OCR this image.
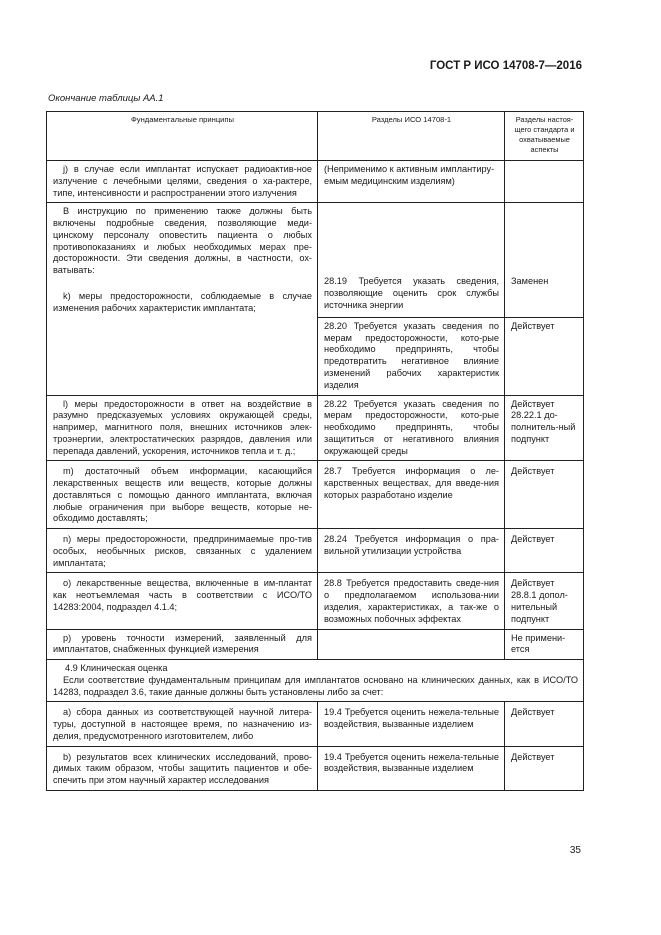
ГОСТ Р ИСО 14708-7—2016
Окончание таблицы АА.1
Фундаментальные принципы	Разделы ИСО 14708-1	Разделы настоя-щего стандарта и охватываемые аспекты
j) в случае если имплантат испускает радиоактив-ное излучение с лечебными целями, сведения о ха-рактере, типе, интенсивности и распространении этого излучения	(Неприменимо к активным имплантиру-емым медицинским изделиям)	

В инструкцию по применению также должны быть включены подробные сведения, позволяющие меди-цинскому персоналу оповестить пациента о любых противопоказаниях и любых необходимых мерах пре-досторожности. Эти сведения должны, в частности, ох-ватывать:

k) меры предосторожности, соблюдаемые в случае изменения рабочих характеристик имплантата;	28.19 Требуется указать сведения, позволяющие оценить срок службы источника энергии	Заменен

	28.20 Требуется указать сведения по мерам предосторожности, кото-рые необходимо предпринять, чтобы предотвратить негативное влияние изменений рабочих характеристик изделия	Действует
l) меры предосторожности в ответ на воздействие в разумно предсказуемых условиях окружающей среды, например, магнитного поля, внешних источников элек-троэнергии, электростатических разрядов, давления или перепада давлений, ускорения, источников тепла и т. д.;	28.22 Требуется указать сведения по мерам предосторожности, кото-рые необходимо предпринять, чтобы защититься от негативного влияния окружающей среды	Действует 28.22.1 до-полнитель-ный подпункт
m) достаточный объем информации, касающийся лекарственных веществ или веществ, которые должны доставляться с помощью данного имплантата, включая любые ограничения при выборе веществ, которые не-обходимо доставлять;	28.7 Требуется информация о ле-карственных веществах, для введе-ния которых разработано изделие	Действует
n) меры предосторожности, предпринимаемые про-тив особых, необычных рисков, связанных с удалением имплантата;	28.24 Требуется информация о пра-вильной утилизации устройства	Действует
o) лекарственные вещества, включенные в им-плантат как неотъемлемая часть в соответствии с ИСО/ТО 14283:2004, подраздел 4.1.4;	28.8 Требуется предоставить сведе-ния о предполагаемом использова-нии изделия, характеристиках, а так-же о возможных побочных эффектах	Действует 28.8.1 допол-нительный подпункт
p) уровень точности измерений, заявленный для имплантатов, снабженных функцией измерения		Не примени-ется

4.9 Клиническая оценка
Если соответствие фундаментальным принципам для имплантатов основано на клинических данных, как в ИСО/ТО 14283, подраздел 3.6, такие данные должны быть установлены либо за счет:		

a) сбора данных из соответствующей научной литера-туры, доступной в настоящее время, по назначению из-делия, предусмотренного изготовителем, либо	19.4 Требуется оценить нежела-тельные воздействия, вызванные изделием	Действует
b) результатов всех клинических исследований, прово-димых таким образом, чтобы защитить пациентов и обе-спечить при этом научный характер исследования	19.4 Требуется оценить нежела-тельные воздействия, вызванные изделием	Действует
35
